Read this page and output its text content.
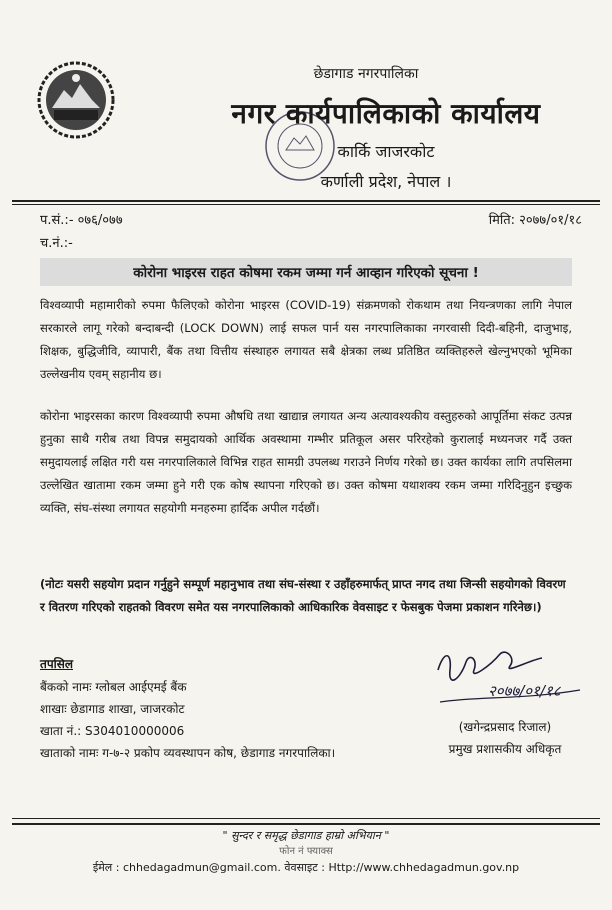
छेडागाड नगरपालिका
नगर कार्यपालिकाको कार्यालय
कार्कि जाजरकोट
कर्णाली प्रदेश, नेपाल ।
प.सं.:- ०७६/०७७
च.नं.:-
मिति: २०७७/०१/१८
कोरोना भाइरस राहत कोषमा रकम जम्मा गर्न आव्हान गरिएको सूचना !
विश्वव्यापी महामारीको रुपमा फैलिएको कोरोना भाइरस (COVID-19) संक्रमणको रोकथाम तथा नियन्त्रणका लागि नेपाल सरकारले लागू गरेको बन्दाबन्दी (LOCK DOWN) लाई सफल पार्न यस नगरपालिकाका नगरवासी दिदी-बहिनी, दाजुभाइ, शिक्षक, बुद्धिजीवि, व्यापारी, बैंक तथा वित्तीय संस्थाहरु लगायत सबै क्षेत्रका लब्ध प्रतिष्ठित व्यक्तिहरुले खेल्नुभएको भूमिका उल्लेखनीय एवम् सहानीय छ।
कोरोना भाइरसका कारण विश्वव्यापी रुपमा औषधि तथा खाद्यान्न लगायत अन्य अत्यावश्यकीय वस्तुहरुको आपूर्तिमा संकट उत्पन्न हुनुका साथै गरीब तथा विपन्न समुदायको आर्थिक अवस्थामा गम्भीर प्रतिकूल असर परिरहेको कुरालाई मध्यनजर गर्दै उक्त समुदायलाई लक्षित गरी यस नगरपालिकाले विभिन्न राहत सामग्री उपलब्ध गराउने निर्णय गरेको छ। उक्त कार्यका लागि तपसिलमा उल्लेखित खातामा रकम जम्मा हुने गरी एक कोष स्थापना गरिएको छ। उक्त कोषमा यथाशक्य रकम जम्मा गरिदिनुहुन इच्छुक व्यक्ति, संघ-संस्था लगायत सहयोगी मनहरुमा हार्दिक अपील गर्दछौं।
(नोटः यसरी सहयोग प्रदान गर्नुहुने सम्पूर्ण महानुभाव तथा संघ-संस्था र उहाँहरुमार्फत् प्राप्त नगद तथा जिन्सी सहयोगको विवरण र वितरण गरिएको राहतको विवरण समेत यस नगरपालिकाको आधिकारिक वेवसाइट र फेसबुक पेजमा प्रकाशन गरिनेछ।)
तपसिल
बैंकको नामः ग्लोबल आईएमई बैंक
शाखाः छेडागाड शाखा, जाजरकोट
खाता नं.: S304010000006
खाताको नामः ग-७-२ प्रकोप व्यवस्थापन कोष, छेडागाड नगरपालिका।
२०७७/०१/१८
(खगेन्द्रप्रसाद रिजाल)
प्रमुख प्रशासकीय अधिकृत
" सुन्दर र समृद्ध छेडागाड हाम्रो अभियान "
फोन नं फ्याक्स
ईमेल : chhedagadmun@gmail.com. वेवसाइट : Http://www.chhedagadmun.gov.np
